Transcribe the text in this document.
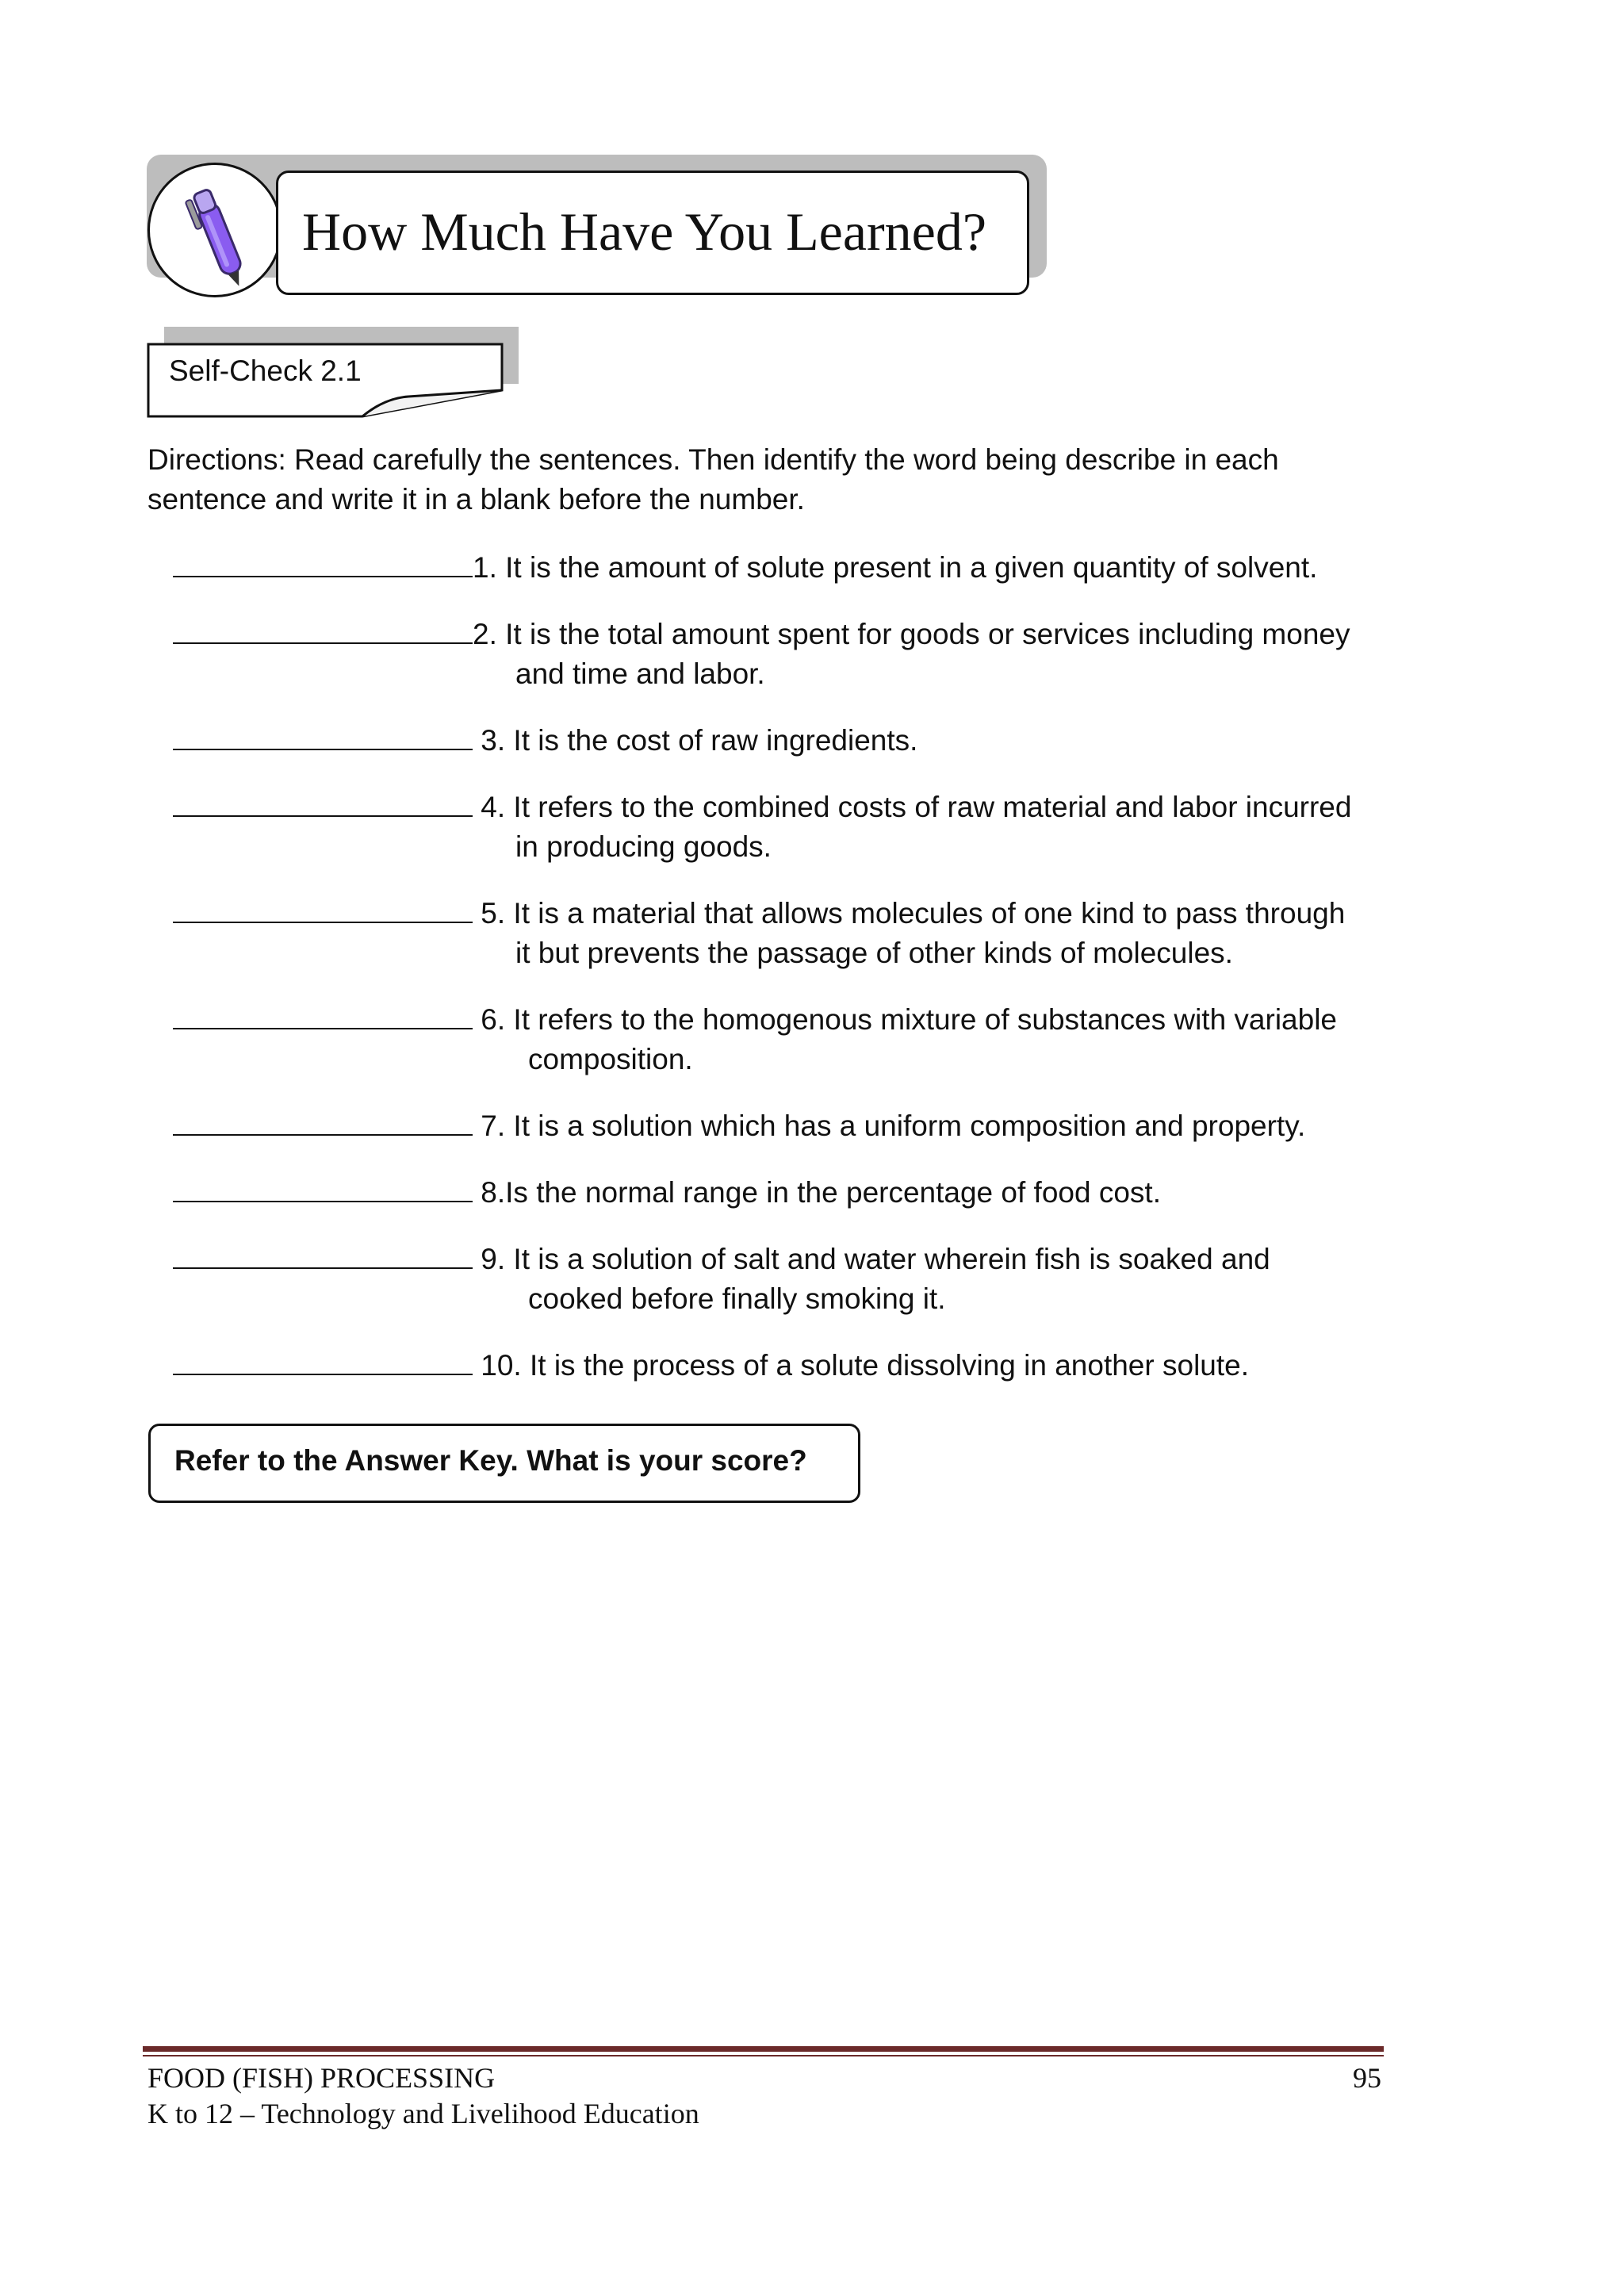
How Much Have You Learned?
Self-Check 2.1
Directions: Read carefully the sentences. Then identify the word being describe in each sentence and write it in a blank before the number.
1. It is the amount of solute present in a given quantity of solvent.
2. It is the total amount spent for goods or services including money
and time and labor.
3. It is the cost of raw ingredients.
4. It refers to the combined costs of raw material and labor incurred
in producing goods.
5. It is a material that allows molecules of one kind to pass through
it but prevents the passage of other kinds of molecules.
6. It refers to the homogenous mixture of substances with variable
composition.
7. It is a solution which has a uniform composition and property.
8.Is the normal range in the percentage of food cost.
9. It is a solution of salt and water wherein fish is soaked and
cooked before finally smoking it.
10. It is the process of a solute dissolving in another solute.
Refer to the Answer Key. What is your score?
FOOD (FISH) PROCESSING
K to 12 – Technology and Livelihood Education
95
